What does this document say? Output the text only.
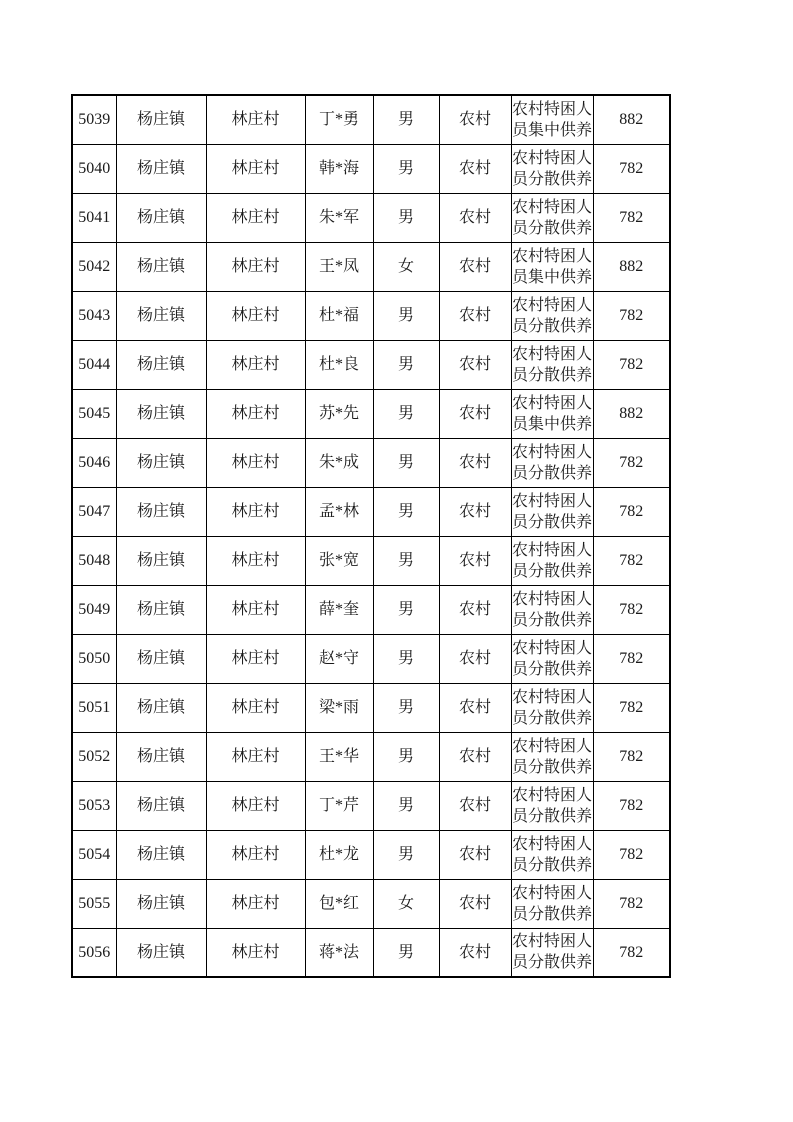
5039	杨庄镇	林庄村	丁*勇	男	农村	农村特困人员集中供养	882
5040	杨庄镇	林庄村	韩*海	男	农村	农村特困人员分散供养	782
5041	杨庄镇	林庄村	朱*军	男	农村	农村特困人员分散供养	782
5042	杨庄镇	林庄村	王*凤	女	农村	农村特困人员集中供养	882
5043	杨庄镇	林庄村	杜*福	男	农村	农村特困人员分散供养	782
5044	杨庄镇	林庄村	杜*良	男	农村	农村特困人员分散供养	782
5045	杨庄镇	林庄村	苏*先	男	农村	农村特困人员集中供养	882
5046	杨庄镇	林庄村	朱*成	男	农村	农村特困人员分散供养	782
5047	杨庄镇	林庄村	孟*林	男	农村	农村特困人员分散供养	782
5048	杨庄镇	林庄村	张*宽	男	农村	农村特困人员分散供养	782
5049	杨庄镇	林庄村	薛*奎	男	农村	农村特困人员分散供养	782
5050	杨庄镇	林庄村	赵*守	男	农村	农村特困人员分散供养	782
5051	杨庄镇	林庄村	梁*雨	男	农村	农村特困人员分散供养	782
5052	杨庄镇	林庄村	王*华	男	农村	农村特困人员分散供养	782
5053	杨庄镇	林庄村	丁*芹	男	农村	农村特困人员分散供养	782
5054	杨庄镇	林庄村	杜*龙	男	农村	农村特困人员分散供养	782
5055	杨庄镇	林庄村	包*红	女	农村	农村特困人员分散供养	782
5056	杨庄镇	林庄村	蒋*法	男	农村	农村特困人员分散供养	782
